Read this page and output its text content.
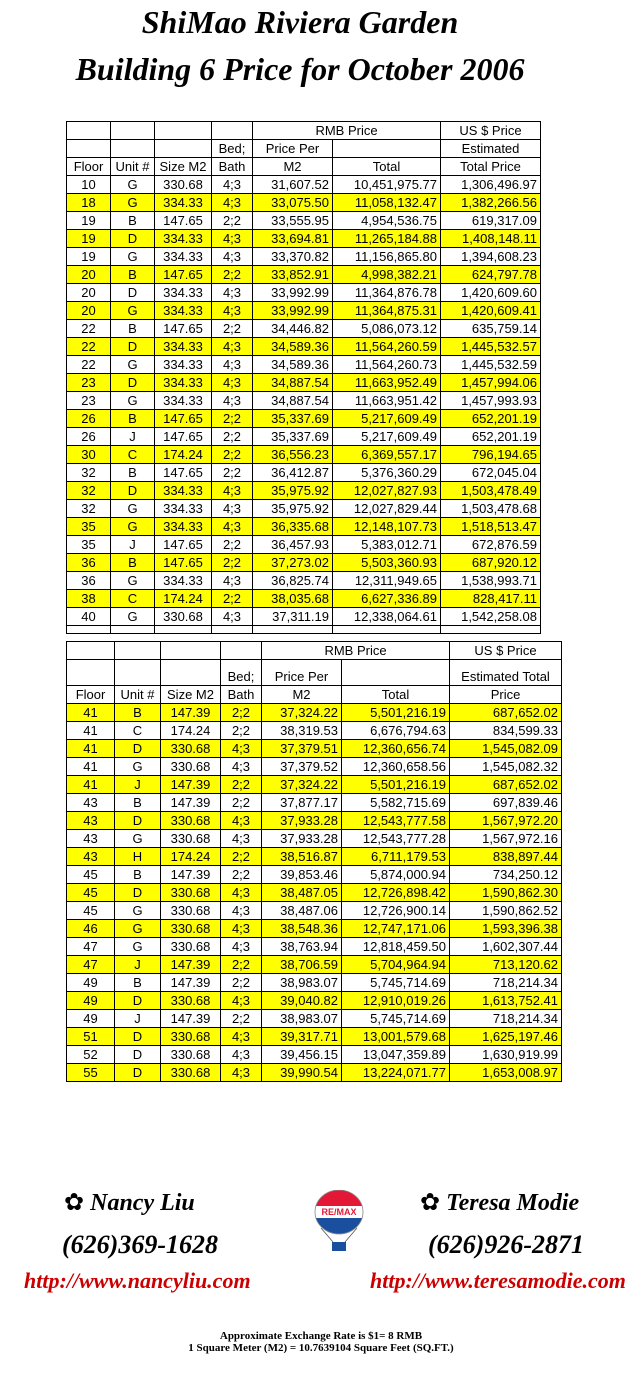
ShiMao Riviera Garden
Building 6 Price for October 2006
				RMB Price		US $ Price
			Bed;	Price Per		Estimated
Floor	Unit #	Size M2	Bath	M2	Total	Total Price
10	G	330.68	4;3	31,607.52	10,451,975.77	1,306,496.97
18	G	334.33	4;3	33,075.50	11,058,132.47	1,382,266.56
19	B	147.65	2;2	33,555.95	4,954,536.75	619,317.09
19	D	334.33	4;3	33,694.81	11,265,184.88	1,408,148.11
19	G	334.33	4;3	33,370.82	11,156,865.80	1,394,608.23
20	B	147.65	2;2	33,852.91	4,998,382.21	624,797.78
20	D	334.33	4;3	33,992.99	11,364,876.78	1,420,609.60
20	G	334.33	4;3	33,992.99	11,364,875.31	1,420,609.41
22	B	147.65	2;2	34,446.82	5,086,073.12	635,759.14
22	D	334.33	4;3	34,589.36	11,564,260.59	1,445,532.57
22	G	334.33	4;3	34,589.36	11,564,260.73	1,445,532.59
23	D	334.33	4;3	34,887.54	11,663,952.49	1,457,994.06
23	G	334.33	4;3	34,887.54	11,663,951.42	1,457,993.93
26	B	147.65	2;2	35,337.69	5,217,609.49	652,201.19
26	J	147.65	2;2	35,337.69	5,217,609.49	652,201.19
30	C	174.24	2;2	36,556.23	6,369,557.17	796,194.65
32	B	147.65	2;2	36,412.87	5,376,360.29	672,045.04
32	D	334.33	4;3	35,975.92	12,027,827.93	1,503,478.49
32	G	334.33	4;3	35,975.92	12,027,829.44	1,503,478.68
35	G	334.33	4;3	36,335.68	12,148,107.73	1,518,513.47
35	J	147.65	2;2	36,457.93	5,383,012.71	672,876.59
36	B	147.65	2;2	37,273.02	5,503,360.93	687,920.12
36	G	334.33	4;3	36,825.74	12,311,949.65	1,538,993.71
38	C	174.24	2;2	38,035.68	6,627,336.89	828,417.11
40	G	330.68	4;3	37,311.19	12,338,064.61	1,542,258.08

				RMB Price		US $ Price
			Bed;	Price Per		Estimated Total
Floor	Unit #	Size M2	Bath	M2	Total	Price
41	B	147.39	2;2	37,324.22	5,501,216.19	687,652.02
41	C	174.24	2;2	38,319.53	6,676,794.63	834,599.33
41	D	330.68	4;3	37,379.51	12,360,656.74	1,545,082.09
41	G	330.68	4;3	37,379.52	12,360,658.56	1,545,082.32
41	J	147.39	2;2	37,324.22	5,501,216.19	687,652.02
43	B	147.39	2;2	37,877.17	5,582,715.69	697,839.46
43	D	330.68	4;3	37,933.28	12,543,777.58	1,567,972.20
43	G	330.68	4;3	37,933.28	12,543,777.28	1,567,972.16
43	H	174.24	2;2	38,516.87	6,711,179.53	838,897.44
45	B	147.39	2;2	39,853.46	5,874,000.94	734,250.12
45	D	330.68	4;3	38,487.05	12,726,898.42	1,590,862.30
45	G	330.68	4;3	38,487.06	12,726,900.14	1,590,862.52
46	G	330.68	4;3	38,548.36	12,747,171.06	1,593,396.38
47	G	330.68	4;3	38,763.94	12,818,459.50	1,602,307.44
47	J	147.39	2;2	38,706.59	5,704,964.94	713,120.62
49	B	147.39	2;2	38,983.07	5,745,714.69	718,214.34
49	D	330.68	4;3	39,040.82	12,910,019.26	1,613,752.41
49	J	147.39	2;2	38,983.07	5,745,714.69	718,214.34
51	D	330.68	4;3	39,317.71	13,001,579.68	1,625,197.46
52	D	330.68	4;3	39,456.15	13,047,359.89	1,630,919.99
55	D	330.68	4;3	39,990.54	13,224,071.77	1,653,008.97
✿ Nancy Liu
(626)369-1628
http://www.nancyliu.com
RE/MAX	✿ Teresa Modie
(626)926-2871
http://www.teresamodie.com
Approximate Exchange Rate is $1= 8 RMB
1 Square Meter (M2) = 10.7639104 Square Feet (SQ.FT.)
